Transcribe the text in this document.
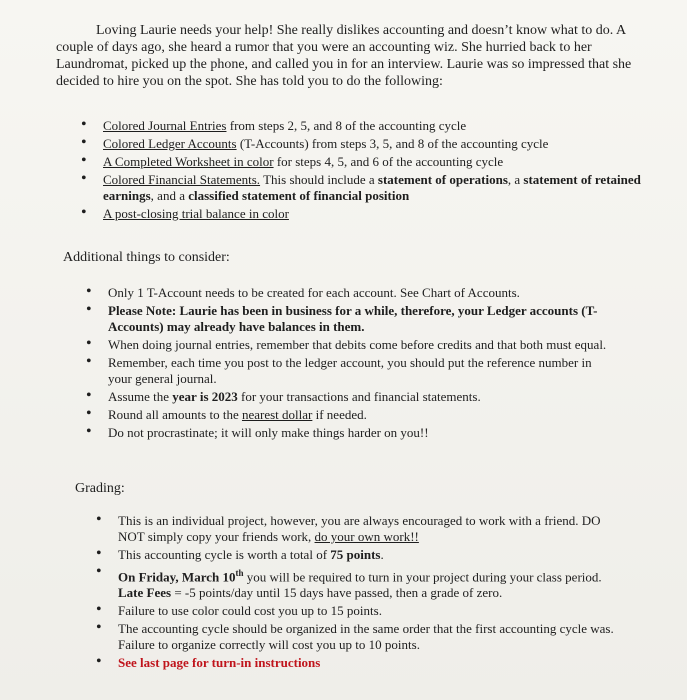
Loving Laurie needs your help! She really dislikes accounting and doesn’t know what to do. A couple of days ago, she heard a rumor that you were an accounting wiz. She hurried back to her Laundromat, picked up the phone, and called you in for an interview. Laurie was so impressed that she decided to hire you on the spot. She has told you to do the following:

• Colored Journal Entries from steps 2, 5, and 8 of the accounting cycle
• Colored Ledger Accounts (T-Accounts) from steps 3, 5, and 8 of the accounting cycle
• A Completed Worksheet in color for steps 4, 5, and 6 of the accounting cycle
• Colored Financial Statements. This should include a statement of operations, a statement of retained earnings, and a classified statement of financial position
• A post-closing trial balance in color

Additional things to consider:

• Only 1 T-Account needs to be created for each account. See Chart of Accounts.
• Please Note: Laurie has been in business for a while, therefore, your Ledger accounts (T-Accounts) may already have balances in them.
• When doing journal entries, remember that debits come before credits and that both must equal.
• Remember, each time you post to the ledger account, you should put the reference number in your general journal.
• Assume the year is 2023 for your transactions and financial statements.
• Round all amounts to the nearest dollar if needed.
• Do not procrastinate; it will only make things harder on you!!

Grading:

• This is an individual project, however, you are always encouraged to work with a friend. DO NOT simply copy your friends work, do your own work!!
• This accounting cycle is worth a total of 75 points.
• On Friday, March 10th you will be required to turn in your project during your class period. Late Fees = -5 points/day until 15 days have passed, then a grade of zero.
• Failure to use color could cost you up to 15 points.
• The accounting cycle should be organized in the same order that the first accounting cycle was. Failure to organize correctly will cost you up to 10 points.
• See last page for turn-in instructions
